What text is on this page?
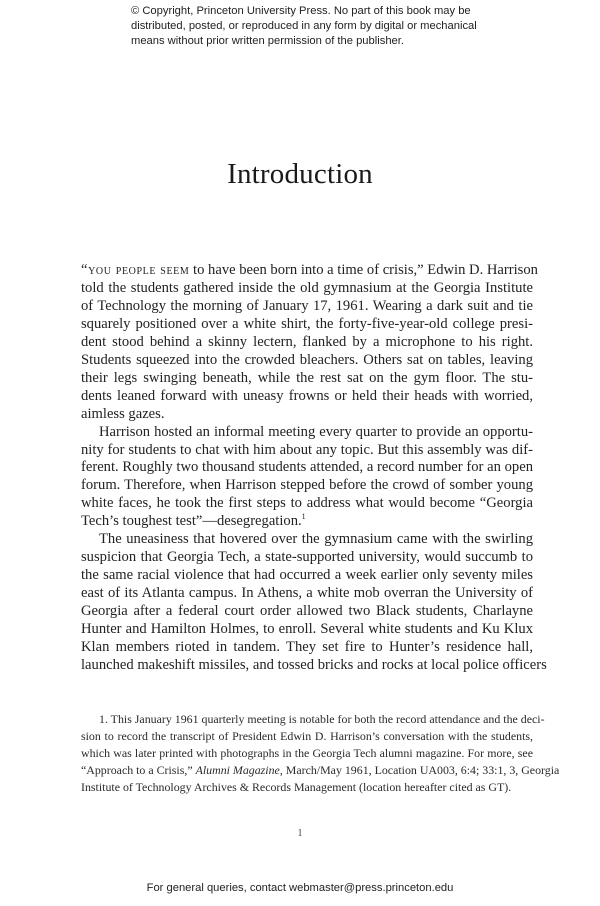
© Copyright, Princeton University Press. No part of this book may be
distributed, posted, or reproduced in any form by digital or mechanical
means without prior written permission of the publisher.
Introduction
“you people seem to have been born into a time of crisis,” Edwin D. Harrison
told the students gathered inside the old gymnasium at the Georgia Institute
of Technology the morning of January 17, 1961. Wearing a dark suit and tie
squarely positioned over a white shirt, the forty-five-year-old college presi-
dent stood behind a skinny lectern, flanked by a microphone to his right.
Students squeezed into the crowded bleachers. Others sat on tables, leaving
their legs swinging beneath, while the rest sat on the gym floor. The stu-
dents leaned forward with uneasy frowns or held their heads with worried,
aimless gazes.
Harrison hosted an informal meeting every quarter to provide an opportu-
nity for students to chat with him about any topic. But this assembly was dif-
ferent. Roughly two thousand students attended, a record number for an open
forum. Therefore, when Harrison stepped before the crowd of somber young
white faces, he took the first steps to address what would become “Georgia
Tech’s toughest test”—desegregation.$^1$
The uneasiness that hovered over the gymnasium came with the swirling
suspicion that Georgia Tech, a state-supported university, would succumb to
the same racial violence that had occurred a week earlier only seventy miles
east of its Atlanta campus. In Athens, a white mob overran the University of
Georgia after a federal court order allowed two Black students, Charlayne
Hunter and Hamilton Holmes, to enroll. Several white students and Ku Klux
Klan members rioted in tandem. They set fire to Hunter’s residence hall,
launched makeshift missiles, and tossed bricks and rocks at local police officers
1. This January 1961 quarterly meeting is notable for both the record attendance and the deci-
sion to record the transcript of President Edwin D. Harrison’s conversation with the students,
which was later printed with photographs in the Georgia Tech alumni magazine. For more, see
“Approach to a Crisis,” Alumni Magazine, March/May 1961, Location UA003, 6:4; 33:1, 3, Georgia
Institute of Technology Archives & Records Management (location hereafter cited as GT).
1
For general queries, contact webmaster@press.princeton.edu
